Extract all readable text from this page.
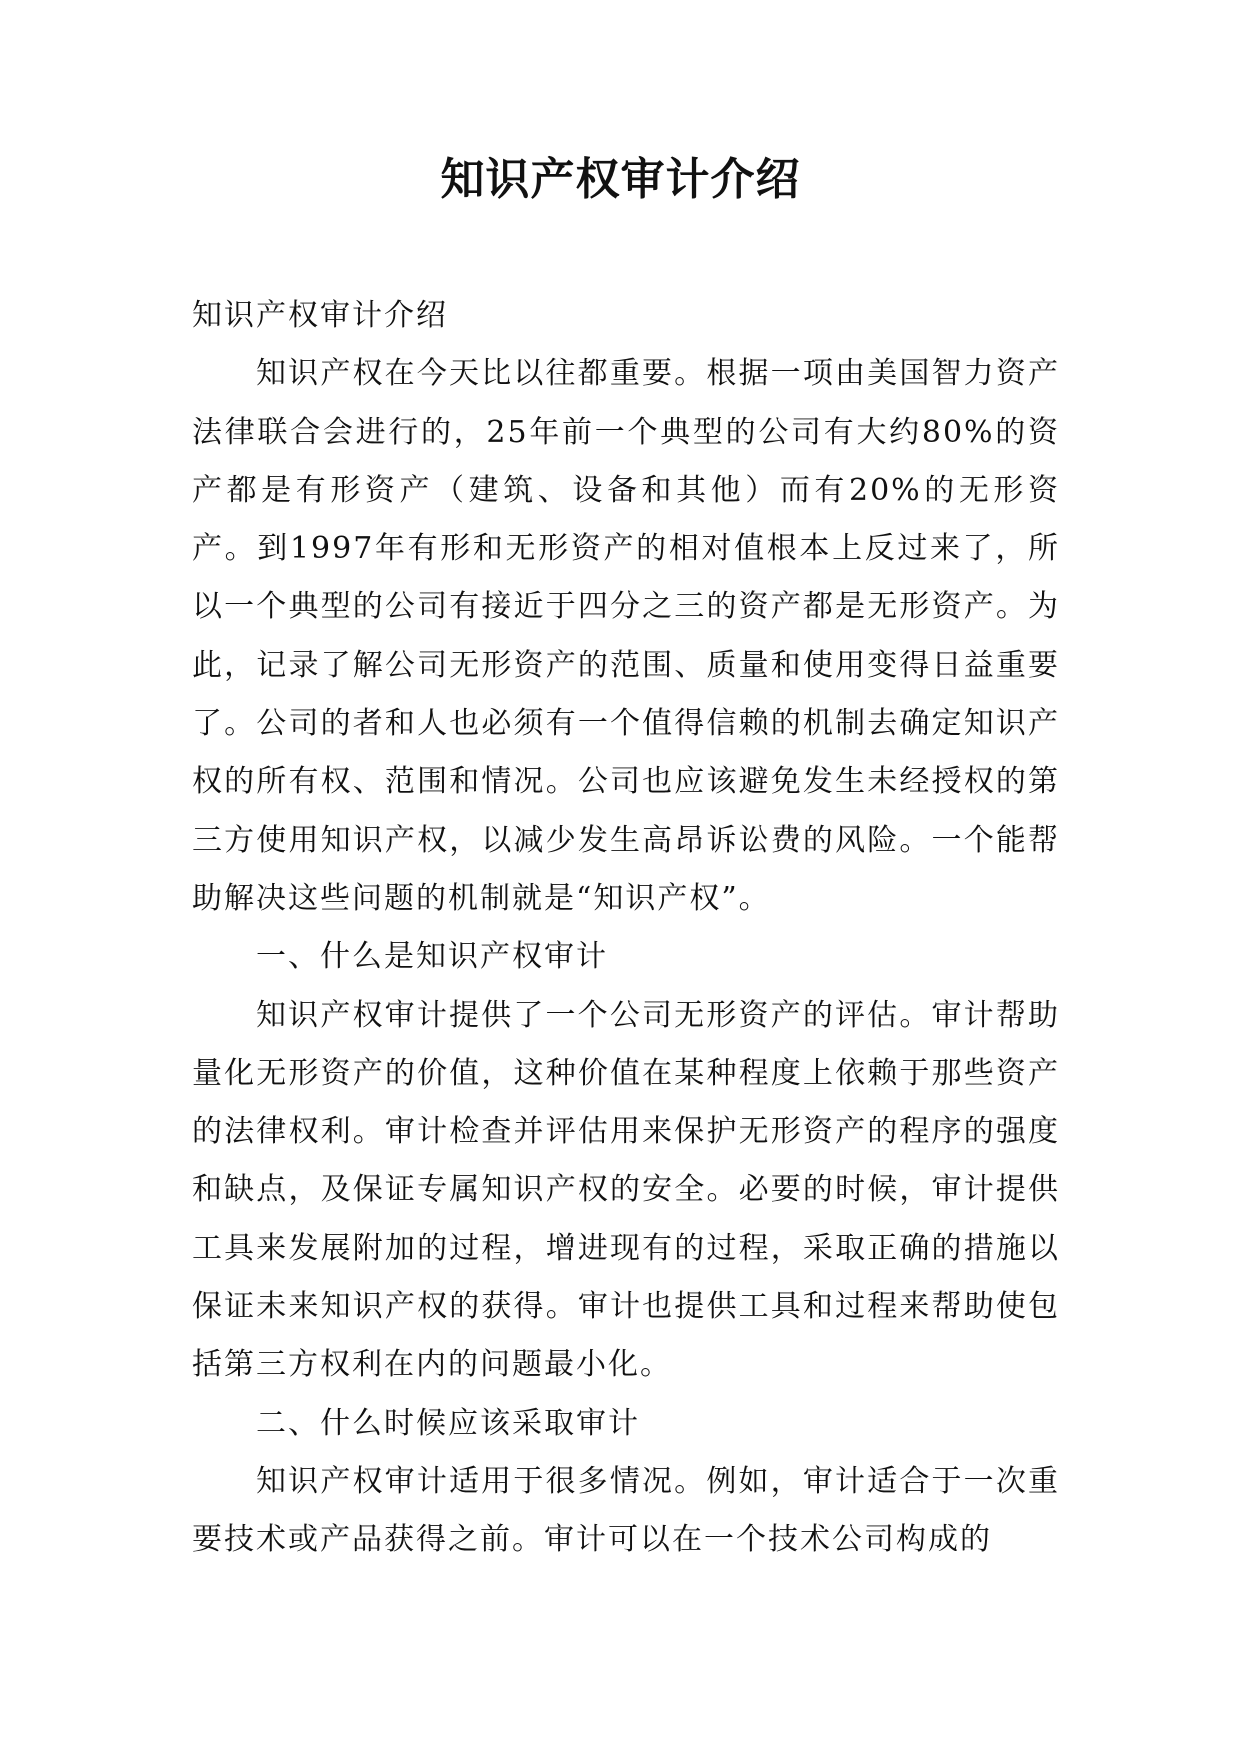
知识产权审计介绍

知识产权审计介绍

知识产权在今天比以往都重要。根据一项由美国智力资产法律联合会进行的，25年前一个典型的公司有大约80%的资产都是有形资产（建筑、设备和其他）而有20%的无形资产。到1997年有形和无形资产的相对值根本上反过来了，所以一个典型的公司有接近于四分之三的资产都是无形资产。为此，记录了解公司无形资产的范围、质量和使用变得日益重要了。公司的者和人也必须有一个值得信赖的机制去确定知识产权的所有权、范围和情况。公司也应该避免发生未经授权的第三方使用知识产权，以减少发生高昂诉讼费的风险。一个能帮助解决这些问题的机制就是“知识产权”。

一、什么是知识产权审计

知识产权审计提供了一个公司无形资产的评估。审计帮助量化无形资产的价值，这种价值在某种程度上依赖于那些资产的法律权利。审计检查并评估用来保护无形资产的程序的强度和缺点，及保证专属知识产权的安全。必要的时候，审计提供工具来发展附加的过程，增进现有的过程，采取正确的措施以保证未来知识产权的获得。审计也提供工具和过程来帮助使包括第三方权利在内的问题最小化。

二、什么时候应该采取审计

知识产权审计适用于很多情况。例如，审计适合于一次重要技术或产品获得之前。审计可以在一个技术公司构成的
